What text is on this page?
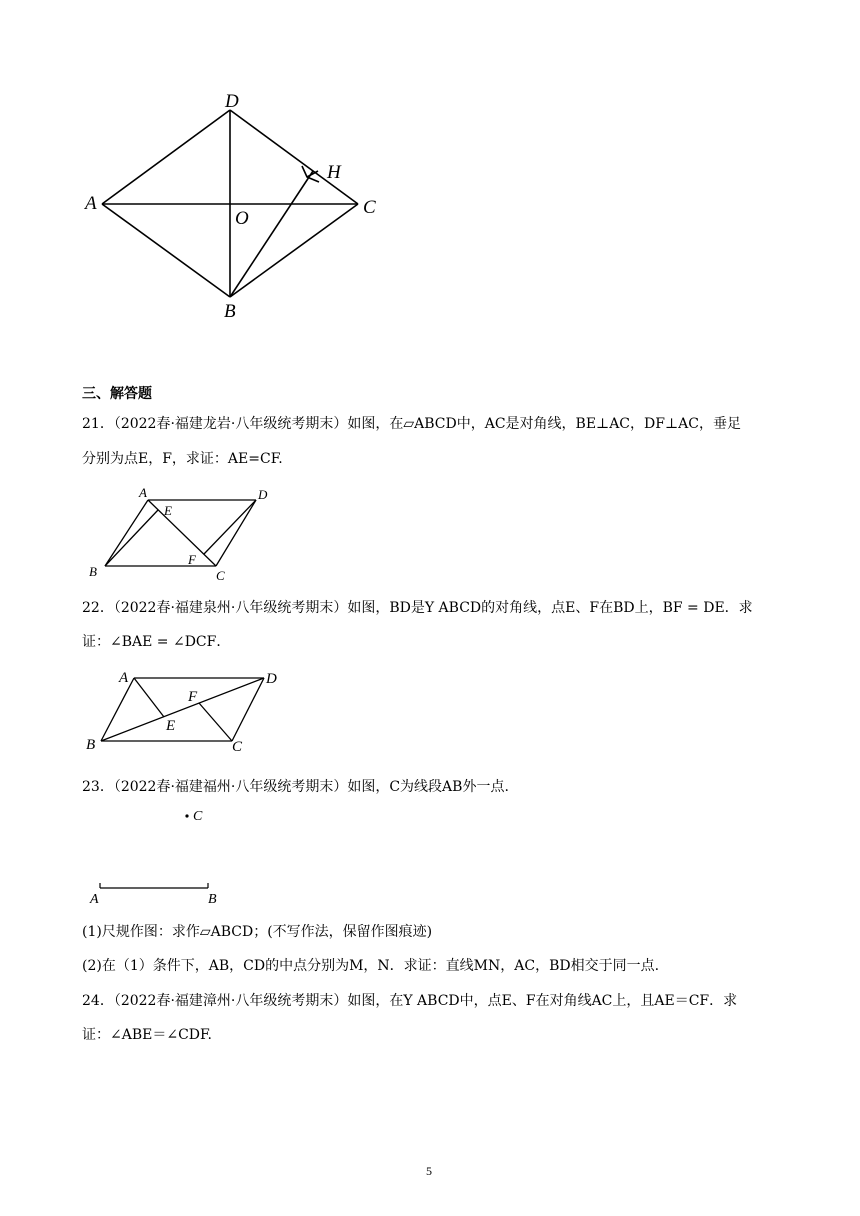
D
H
A	C
O
B
三、解答题
21．（2022春·福建龙岩·八年级统考期末）如图，在▱ABCD中，AC是对角线，BE⊥AC，DF⊥AC，垂足
分别为点E，F，求证：AE=CF.
A	D
E
F
B	C
22．（2022春·福建泉州·八年级统考期末）如图，BD是Y ABCD的对角线，点E、F在BD上，BF = DE．求
证：∠BAE = ∠DCF．
A	D
F
E
B	C
23．（2022春·福建福州·八年级统考期末）如图，C为线段AB外一点.
C
A	B
(1)尺规作图：求作▱ABCD；(不写作法，保留作图痕迹)
(2)在（1）条件下，AB，CD的中点分别为M，N．求证：直线MN，AC，BD相交于同一点.
24．（2022春·福建漳州·八年级统考期末）如图，在Y ABCD中，点E、F在对角线AC上，且AE＝CF．求
证：∠ABE＝∠CDF.
5
